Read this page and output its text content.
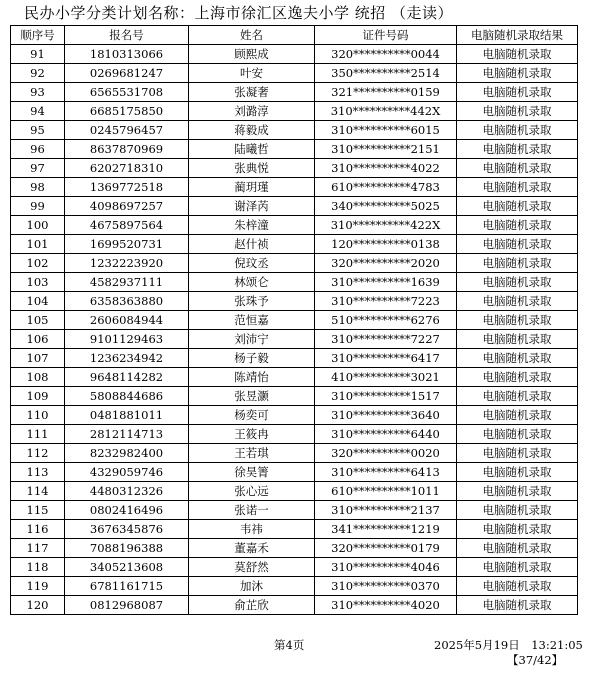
民办小学分类计划名称：上海市徐汇区逸夫小学 统招 （走读）
顺序号	报名号	姓名	证件号码	电脑随机录取结果
91	1810313066	顾熙成	320**********0044	电脑随机录取
92	0269681247	叶安	350**********2514	电脑随机录取
93	6565531708	张凝奢	321**********0159	电脑随机录取
94	6685175850	刘潞淳	310**********442X	电脑随机录取
95	0245796457	蒋毅成	310**********6015	电脑随机录取
96	8637870969	陆曦哲	310**********2151	电脑随机录取
97	6202718310	张典悦	310**********4022	电脑随机录取
98	1369772518	蔺玥瑾	610**********4783	电脑随机录取
99	4098697257	谢泽芮	340**********5025	电脑随机录取
100	4675897564	朱梓潼	310**********422X	电脑随机录取
101	1699520731	赵什祯	120**********0138	电脑随机录取
102	1232223920	倪玟丞	320**********2020	电脑随机录取
103	4582937111	林颂仑	310**********1639	电脑随机录取
104	6358363880	张珠予	310**********7223	电脑随机录取
105	2606084944	范恒嘉	510**********6276	电脑随机录取
106	9101129463	刘沛宁	310**********7227	电脑随机录取
107	1236234942	杨子毅	310**********6417	电脑随机录取
108	9648114282	陈靖怡	410**********3021	电脑随机录取
109	5808844686	张昱灏	310**********1517	电脑随机录取
110	0481881011	杨奕可	310**********3640	电脑随机录取
111	2812114713	王筱冉	310**********6440	电脑随机录取
112	8232982400	王若琪	320**********0020	电脑随机录取
113	4329059746	徐昊箐	310**********6413	电脑随机录取
114	4480312326	张心远	610**********1011	电脑随机录取
115	0802416496	张诺一	310**********2137	电脑随机录取
116	3676345876	韦祎	341**********1219	电脑随机录取
117	7088196388	董嘉禾	320**********0179	电脑随机录取
118	3405213608	莫舒然	310**********4046	电脑随机录取
119	6781161715	加沐	310**********0370	电脑随机录取
120	0812968087	俞芷欣	310**********4020	电脑随机录取
第4页	2025年5月19日　13:21:05
【37/42】
